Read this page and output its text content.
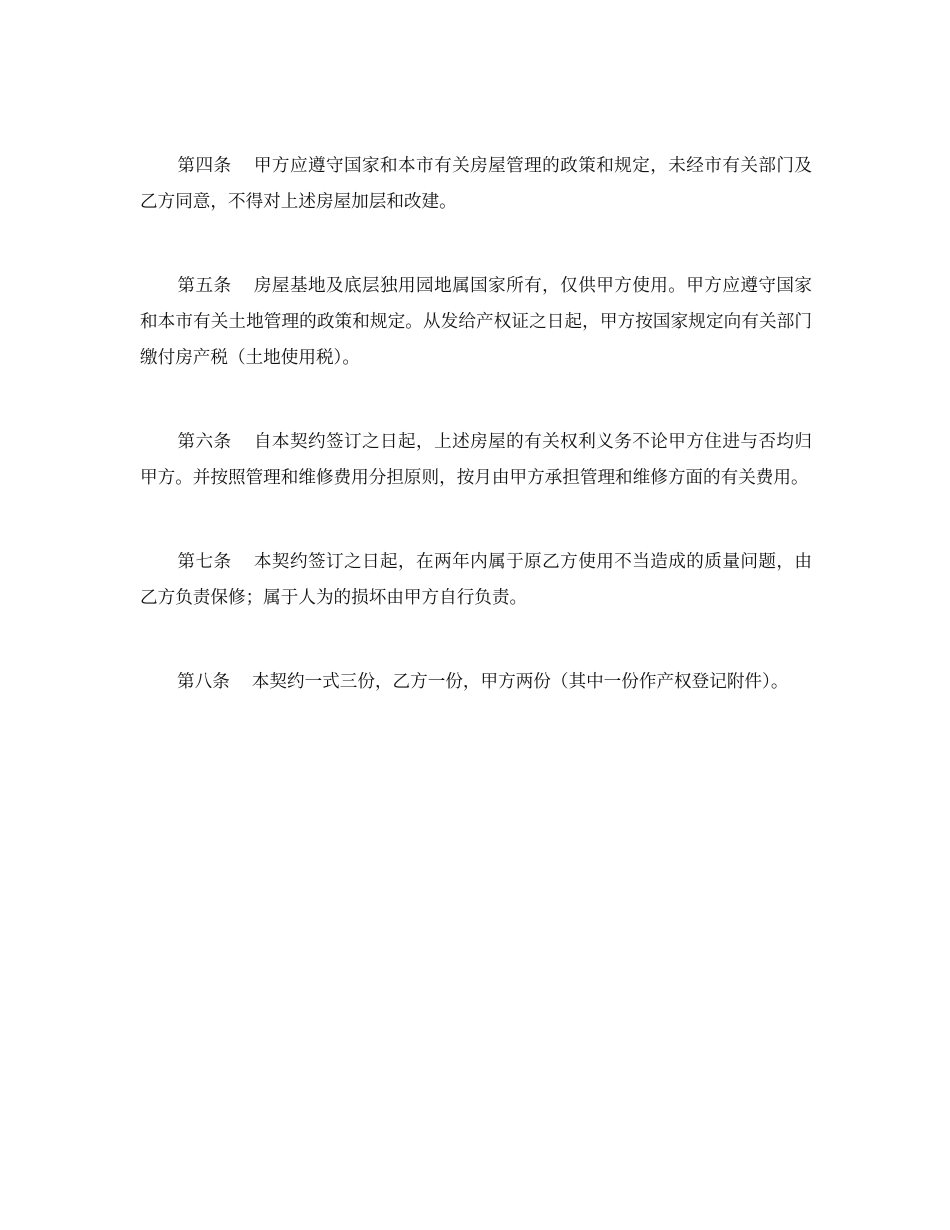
第四条 甲方应遵守国家和本市有关房屋管理的政策和规定，未经市有关部门及乙方同意，不得对上述房屋加层和改建。

第五条 房屋基地及底层独用园地属国家所有，仅供甲方使用。甲方应遵守国家和本市有关土地管理的政策和规定。从发给产权证之日起，甲方按国家规定向有关部门缴付房产税（土地使用税）。

第六条 自本契约签订之日起，上述房屋的有关权利义务不论甲方住进与否均归甲方。并按照管理和维修费用分担原则，按月由甲方承担管理和维修方面的有关费用。

第七条 本契约签订之日起，在两年内属于原乙方使用不当造成的质量问题，由乙方负责保修；属于人为的损坏由甲方自行负责。

第八条 本契约一式三份，乙方一份，甲方两份（其中一份作产权登记附件）。
